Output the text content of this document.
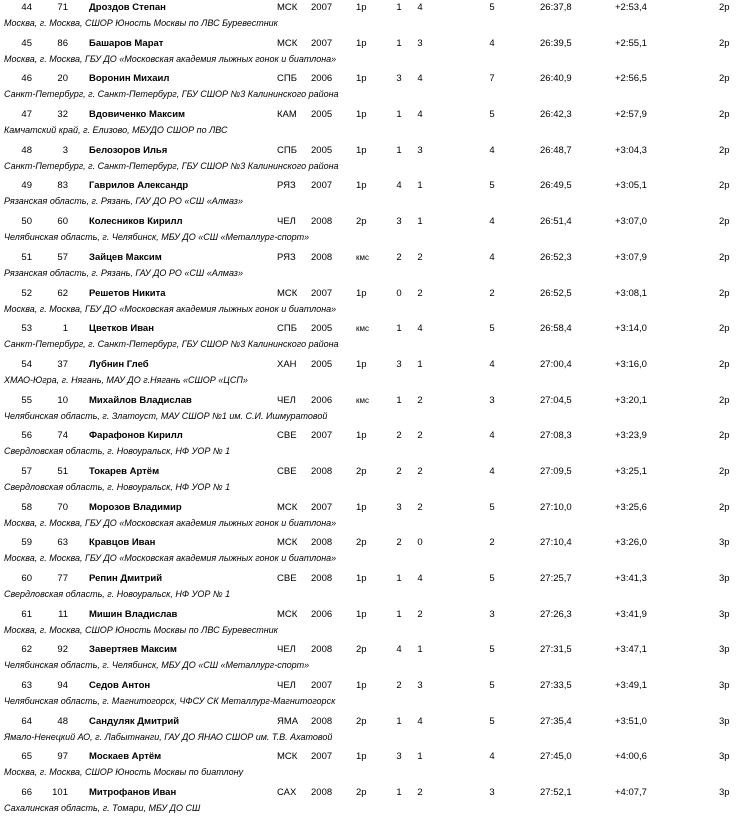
44	71 Дроздов Степан	МСК 2007	1р	1 4	5	26:37,8	+2:53,4	2р
Москва, г. Москва, СШОР Юность Москвы по ЛВС Буревестник
45	86 Башаров Марат	МСК 2007	1р	1 3	4	26:39,5	+2:55,1	2р
Москва, г. Москва, ГБУ ДО «Московская академия лыжных гонок и биатлона»
46	20 Воронин Михаил	СПБ 2006	1р	3 4	7	26:40,9	+2:56,5	2р
Санкт-Петербург, г. Санкт-Петербург, ГБУ СШОР №3 Калининского района
47	32 Вдовиченко Максим	КАМ 2005	1р	1 4	5	26:42,3	+2:57,9	2р
Камчатский край, г. Елизово, МБУДО СШОР по ЛВС
48	3 Белозоров Илья	СПБ 2005	1р	1 3	4	26:48,7	+3:04,3	2р
Санкт-Петербург, г. Санкт-Петербург, ГБУ СШОР №3 Калининского района
49	83 Гаврилов Александр	РЯЗ 2007	1р	4 1	5	26:49,5	+3:05,1	2р
Рязанская область, г. Рязань, ГАУ ДО РО «СШ «Алмаз»
50	60 Колесников Кирилл	ЧЕЛ 2008	2р	3 1	4	26:51,4	+3:07,0	2р
Челябинская область, г. Челябинск, МБУ ДО «СШ «Металлург-спорт»
51	57 Зайцев Максим	РЯЗ 2008	кмс	2 2	4	26:52,3	+3:07,9	2р
Рязанская область, г. Рязань, ГАУ ДО РО «СШ «Алмаз»
52	62 Решетов Никита	МСК 2007	1р	0 2	2	26:52,5	+3:08,1	2р
Москва, г. Москва, ГБУ ДО «Московская академия лыжных гонок и биатлона»
53	1 Цветков Иван	СПБ 2005	кмс	1 4	5	26:58,4	+3:14,0	2р
Санкт-Петербург, г. Санкт-Петербург, ГБУ СШОР №3 Калининского района
54	37 Лубнин Глеб	ХАН 2005	1р	3 1	4	27:00,4	+3:16,0	2р
ХМАО-Югра, г. Нягань, МАУ ДО г.Нягань «СШОР «ЦСП»
55	10 Михайлов Владислав	ЧЕЛ 2006	кмс	1 2	3	27:04,5	+3:20,1	2р
Челябинская область, г. Златоуст, МАУ СШОР №1 им. С.И. Ишмуратовой
56	74 Фарафонов Кирилл	СВЕ 2007	1р	2 2	4	27:08,3	+3:23,9	2р
Свердловская область, г. Новоуральск, НФ УОР № 1
57	51 Токарев Артём	СВЕ 2008	2р	2 2	4	27:09,5	+3:25,1	2р
Свердловская область, г. Новоуральск, НФ УОР № 1
58	70 Морозов Владимир	МСК 2007	1р	3 2	5	27:10,0	+3:25,6	2р
Москва, г. Москва, ГБУ ДО «Московская академия лыжных гонок и биатлона»
59	63 Кравцов Иван	МСК 2008	2р	2 0	2	27:10,4	+3:26,0	3р
Москва, г. Москва, ГБУ ДО «Московская академия лыжных гонок и биатлона»
60	77 Репин Дмитрий	СВЕ 2008	1р	1 4	5	27:25,7	+3:41,3	3р
Свердловская область, г. Новоуральск, НФ УОР № 1
61	11 Мишин Владислав	МСК 2006	1р	1 2	3	27:26,3	+3:41,9	3р
Москва, г. Москва, СШОР Юность Москвы по ЛВС Буревестник
62	92 Завертяев Максим	ЧЕЛ 2008	2р	4 1	5	27:31,5	+3:47,1	3р
Челябинская область, г. Челябинск, МБУ ДО «СШ «Металлург-спорт»
63	94 Седов Антон	ЧЕЛ 2007	1р	2 3	5	27:33,5	+3:49,1	3р
Челябинская область, г. Магнитогорск, ЧФСУ СК Металлург-Магнитогорск
64	48 Сандуляк Дмитрий	ЯМА 2008	2р	1 4	5	27:35,4	+3:51,0	3р
Ямало-Ненецкий АО, г. Лабытнанги, ГАУ ДО ЯНАО СШОР им. Т.В. Ахатовой
65	97 Москаев Артём	МСК 2007	1р	3 1	4	27:45,0	+4:00,6	3р
Москва, г. Москва, СШОР Юность Москвы по биатлону
66	101 Митрофанов Иван	САХ 2008	2р	1 2	3	27:52,1	+4:07,7	3р
Сахалинская область, г. Томари, МБУ ДО СШ
